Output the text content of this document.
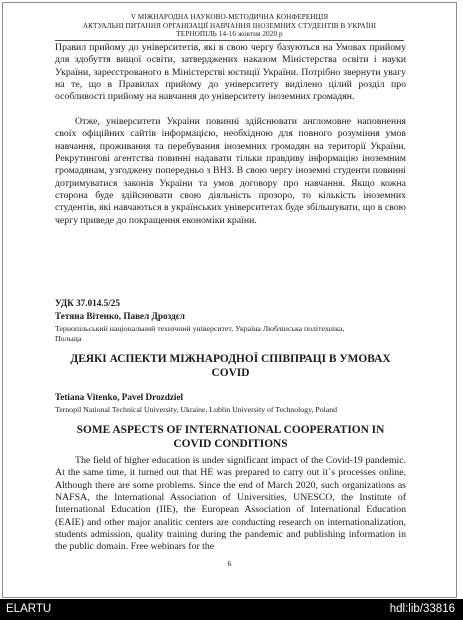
V МІЖНАРОДНА НАУКОВО-МЕТОДИЧНА КОНФЕРЕНЦІЯ
АКТУАЛЬНІ ПИТАННЯ ОРГАНІЗАЦІЇ НАВЧАННЯ ІНОЗЕМНИХ СТУДЕНТІВ В УКРАЇНІ
ТЕРНОПІЛЬ 14-16 жовтня 2020 р
Правил прийому до університетів, які в свою чергу базуються на Умовах прийому для здобуття вищої освіти, затверджених наказом Міністерства освіти і науки України, зареєстрованого в Міністерстві юстиції України. Потрібно звернути увагу на те, що в Правилах прийому до університету виділено цілий розділ про особливості прийому на навчання до університету іноземних громадян.
Отже, університети України повинні здійснювати англомовне наповнення своїх офіційних сайтів інформацією, необхідною для повного розуміння умов навчання, проживання та перебування іноземних громадян на території України. Рекрутингові агентства повинні надавати тільки правдиву інформацію іноземним громадянам, узгоджену попередньо з ВНЗ. В свою чергу іноземні студенти повинні дотримуватися законів України та умов договору про навчання. Якщо кожна сторона буде здійснювати свою діяльність прозоро, то кількість іноземних студентів, які навчаються в українських університетах буде збільшувати, що в свою чергу приведе до покращення економіки країни.
УДК 37.014.5/25
Тетяна Вітенко, Павел Дроздєл
Тернопільський національний технічний університет, Україна Люблінська політехніка,
Польща
ДЕЯКІ АСПЕКТИ МІЖНАРОДНОЇ СПІВПРАЦІ В УМОВАХ
COVID
Tetiana Vitenko, Pavel Drozdziel
Ternopil National Technical University, Ukraine, Lublin University of Technology, Poland
SOME ASPECTS OF INTERNATIONAL COOPERATION IN
COVID CONDITIONS
The field of higher education is under significant impact of the Covid-19 pandemic. At the same time, it turned out that HE was prepared to carry out it`s processes online. Although there are some problems. Since the end of March 2020, such organizations as NAFSA, the International Association of Universities, UNESCO, the Institute of International Education (IIE), the European Association of International Education (EAIE) and other major analitic centers are conducting research on internationalization, students admission, quality training during the pandemic and publishing information in the public domain. Free webinars for the
6
ELARTU	hdl:lib/33816
